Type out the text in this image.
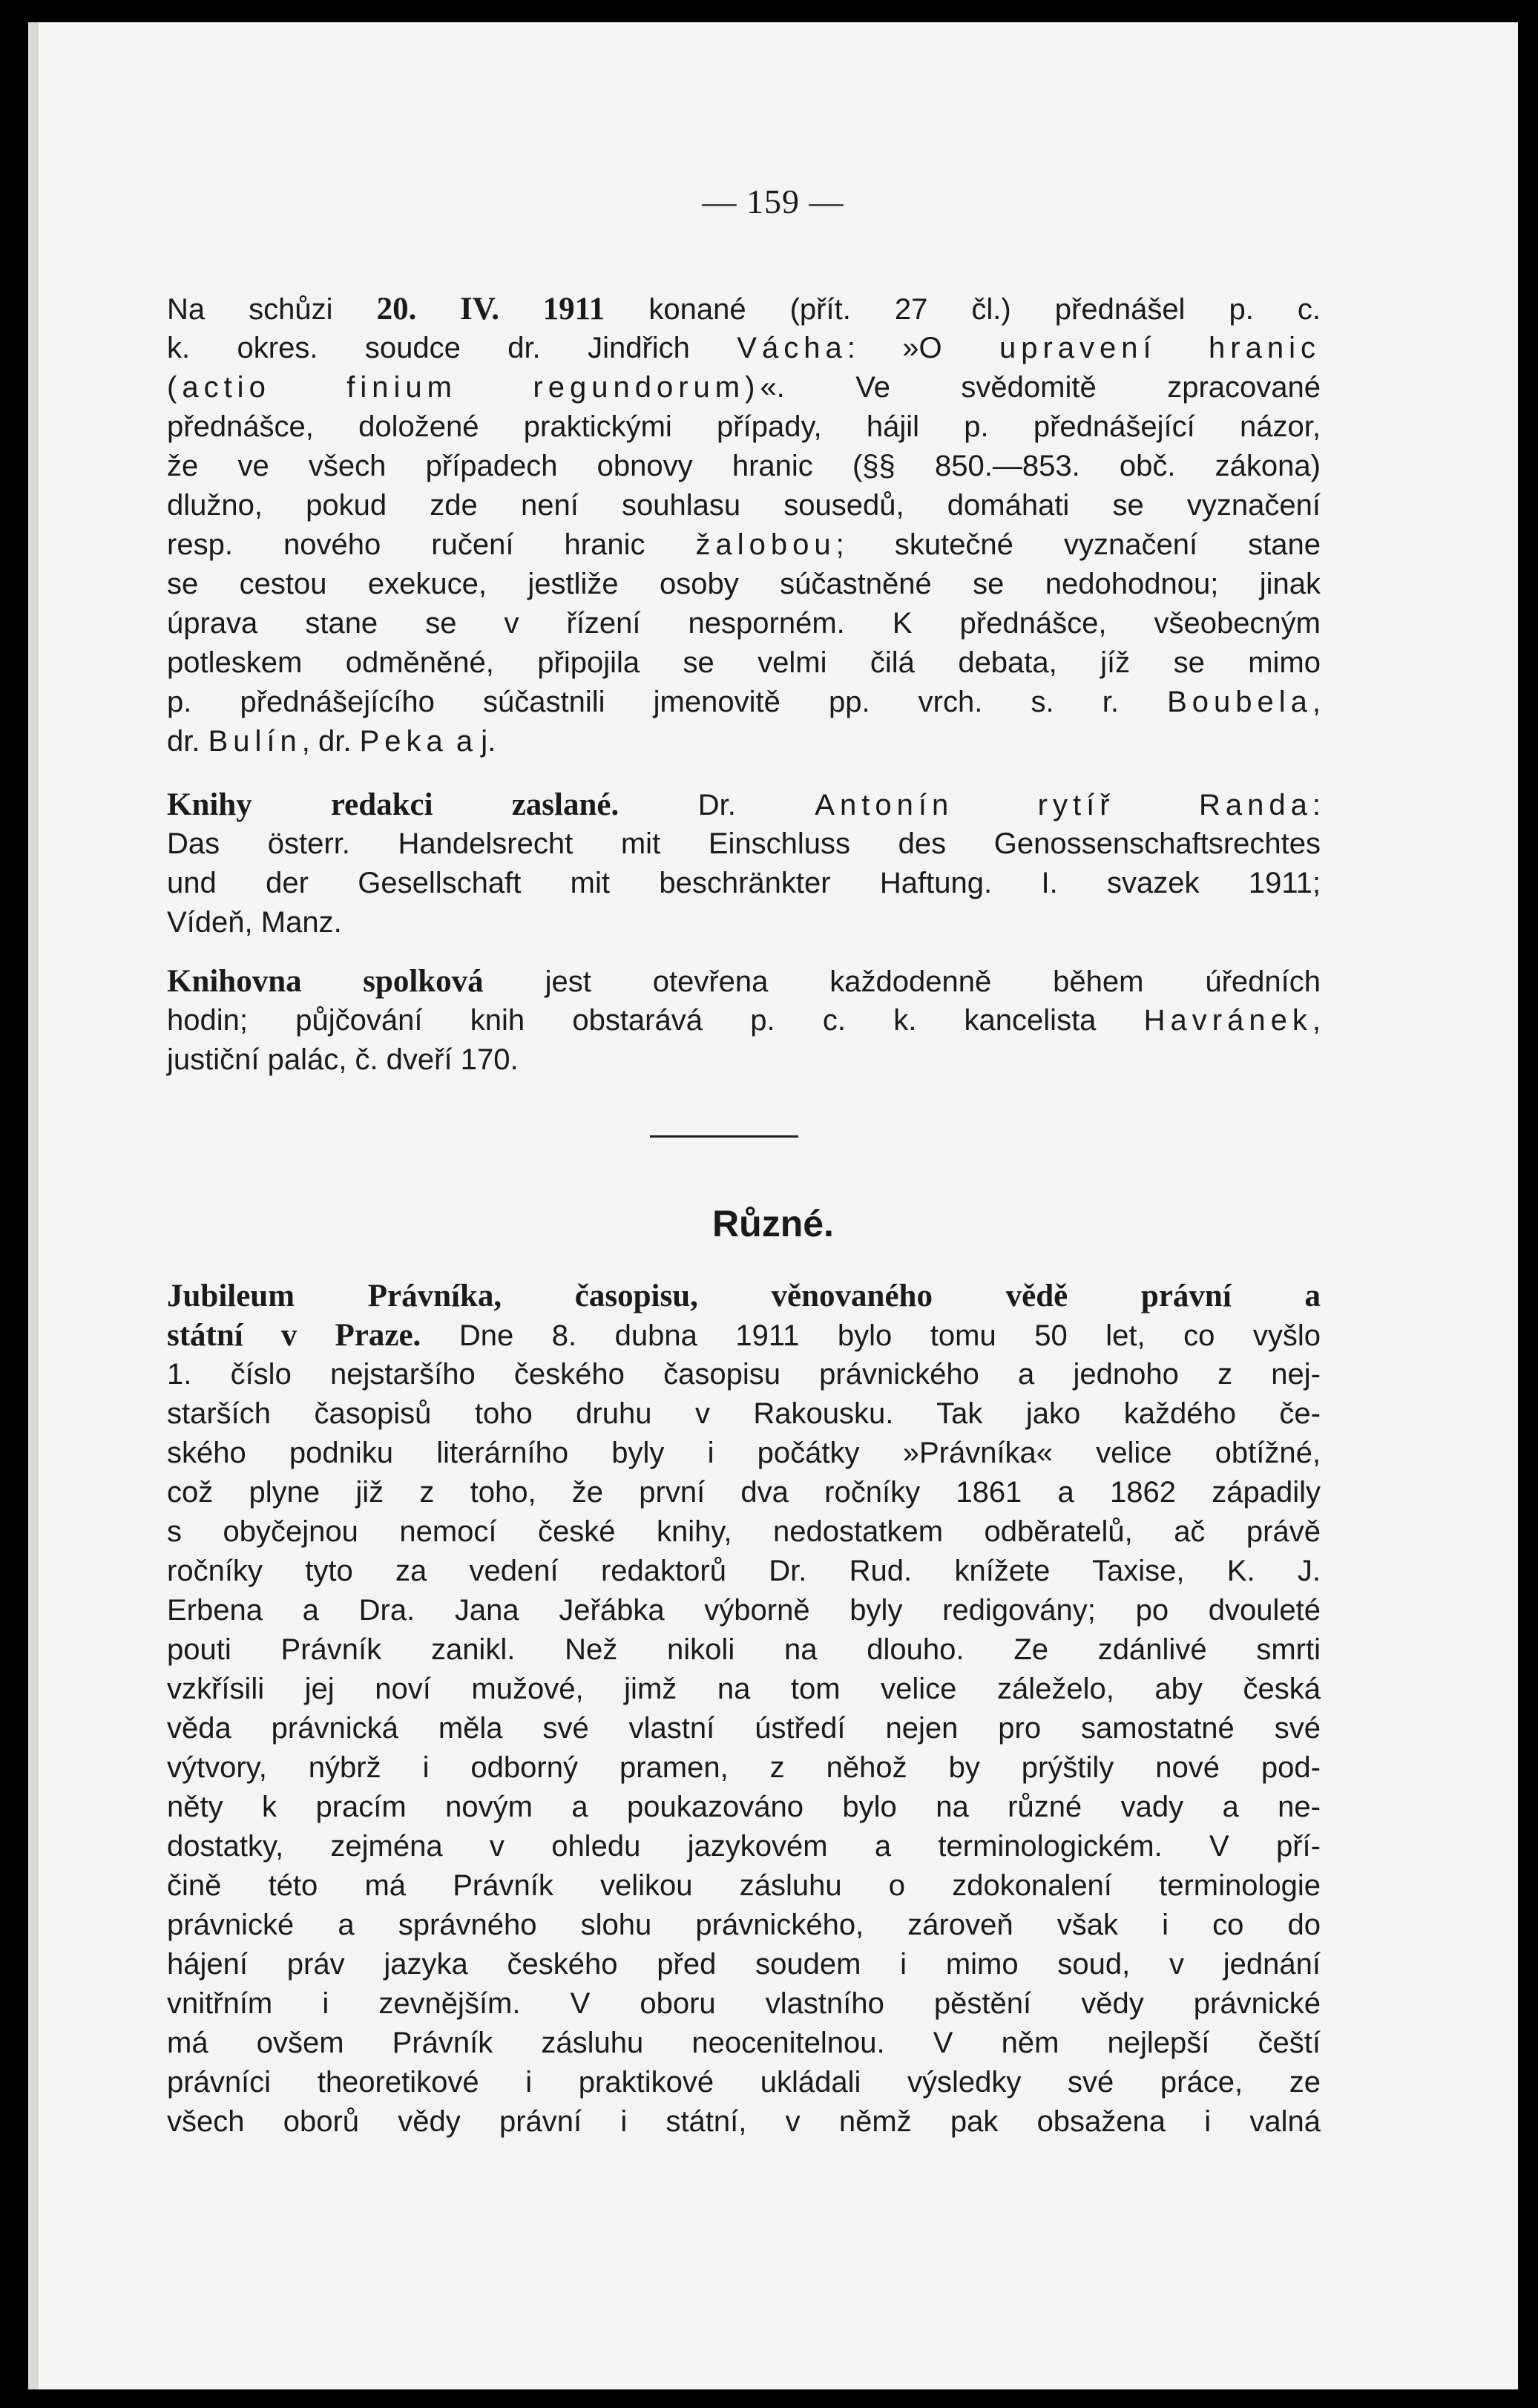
— 159 —
Na schůzi 20. IV. 1911 konané (přít. 27 čl.) přednášel p. c.
k. okres. soudce dr. Jindřich Vácha: »O upravení hranic
(actio finium regundorum)«. Ve svědomitě zpracované
přednášce, doložené praktickými případy, hájil p. přednášející názor,
že ve všech případech obnovy hranic (§§ 850.—853. obč. zákona)
dlužno, pokud zde není souhlasu sousedů, domáhati se vyznačení
resp. nového ručení hranic žalobou; skutečné vyznačení stane
se cestou exekuce, jestliže osoby súčastněné se nedohodnou; jinak
úprava stane se v řízení nesporném. K přednášce, všeobecným
potleskem odměněné, připojila se velmi čilá debata, jíž se mimo
p. přednášejícího súčastnili jmenovitě pp. vrch. s. r. Boubela,
dr. Bulín, dr. Peka a j.
Knihy redakci zaslané. Dr. Antonín rytíř Randa:
Das österr. Handelsrecht mit Einschluss des Genossenschaftsrechtes
und der Gesellschaft mit beschränkter Haftung. I. svazek 1911;
Vídeň, Manz.
Knihovna spolková jest otevřena každodenně během úředních
hodin; půjčování knih obstarává p. c. k. kancelista Havránek,
justiční palác, č. dveří 170.
Různé.
Jubileum Právníka, časopisu, věnovaného vědě právní a
státní v Praze. Dne 8. dubna 1911 bylo tomu 50 let, co vyšlo
1. číslo nejstaršího českého časopisu právnického a jednoho z nej-
starších časopisů toho druhu v Rakousku. Tak jako každého če-
ského podniku literárního byly i počátky »Právníka« velice obtížné,
což plyne již z toho, že první dva ročníky 1861 a 1862 západily
s obyčejnou nemocí české knihy, nedostatkem odběratelů, ač právě
ročníky tyto za vedení redaktorů Dr. Rud. knížete Taxise, K. J.
Erbena a Dra. Jana Jeřábka výborně byly redigovány; po dvouleté
pouti Právník zanikl. Než nikoli na dlouho. Ze zdánlivé smrti
vzkřísili jej noví mužové, jimž na tom velice záleželo, aby česká
věda právnická měla své vlastní ústředí nejen pro samostatné své
výtvory, nýbrž i odborný pramen, z něhož by prýštily nové pod-
něty k pracím novým a poukazováno bylo na různé vady a ne-
dostatky, zejména v ohledu jazykovém a terminologickém. V pří-
čině této má Právník velikou zásluhu o zdokonalení terminologie
právnické a správného slohu právnického, zároveň však i co do
hájení práv jazyka českého před soudem i mimo soud, v jednání
vnitřním i zevnějším. V oboru vlastního pěstění vědy právnické
má ovšem Právník zásluhu neocenitelnou. V něm nejlepší čeští
právníci theoretikové i praktikové ukládali výsledky své práce, ze
všech oborů vědy právní i státní, v němž pak obsažena i valná
